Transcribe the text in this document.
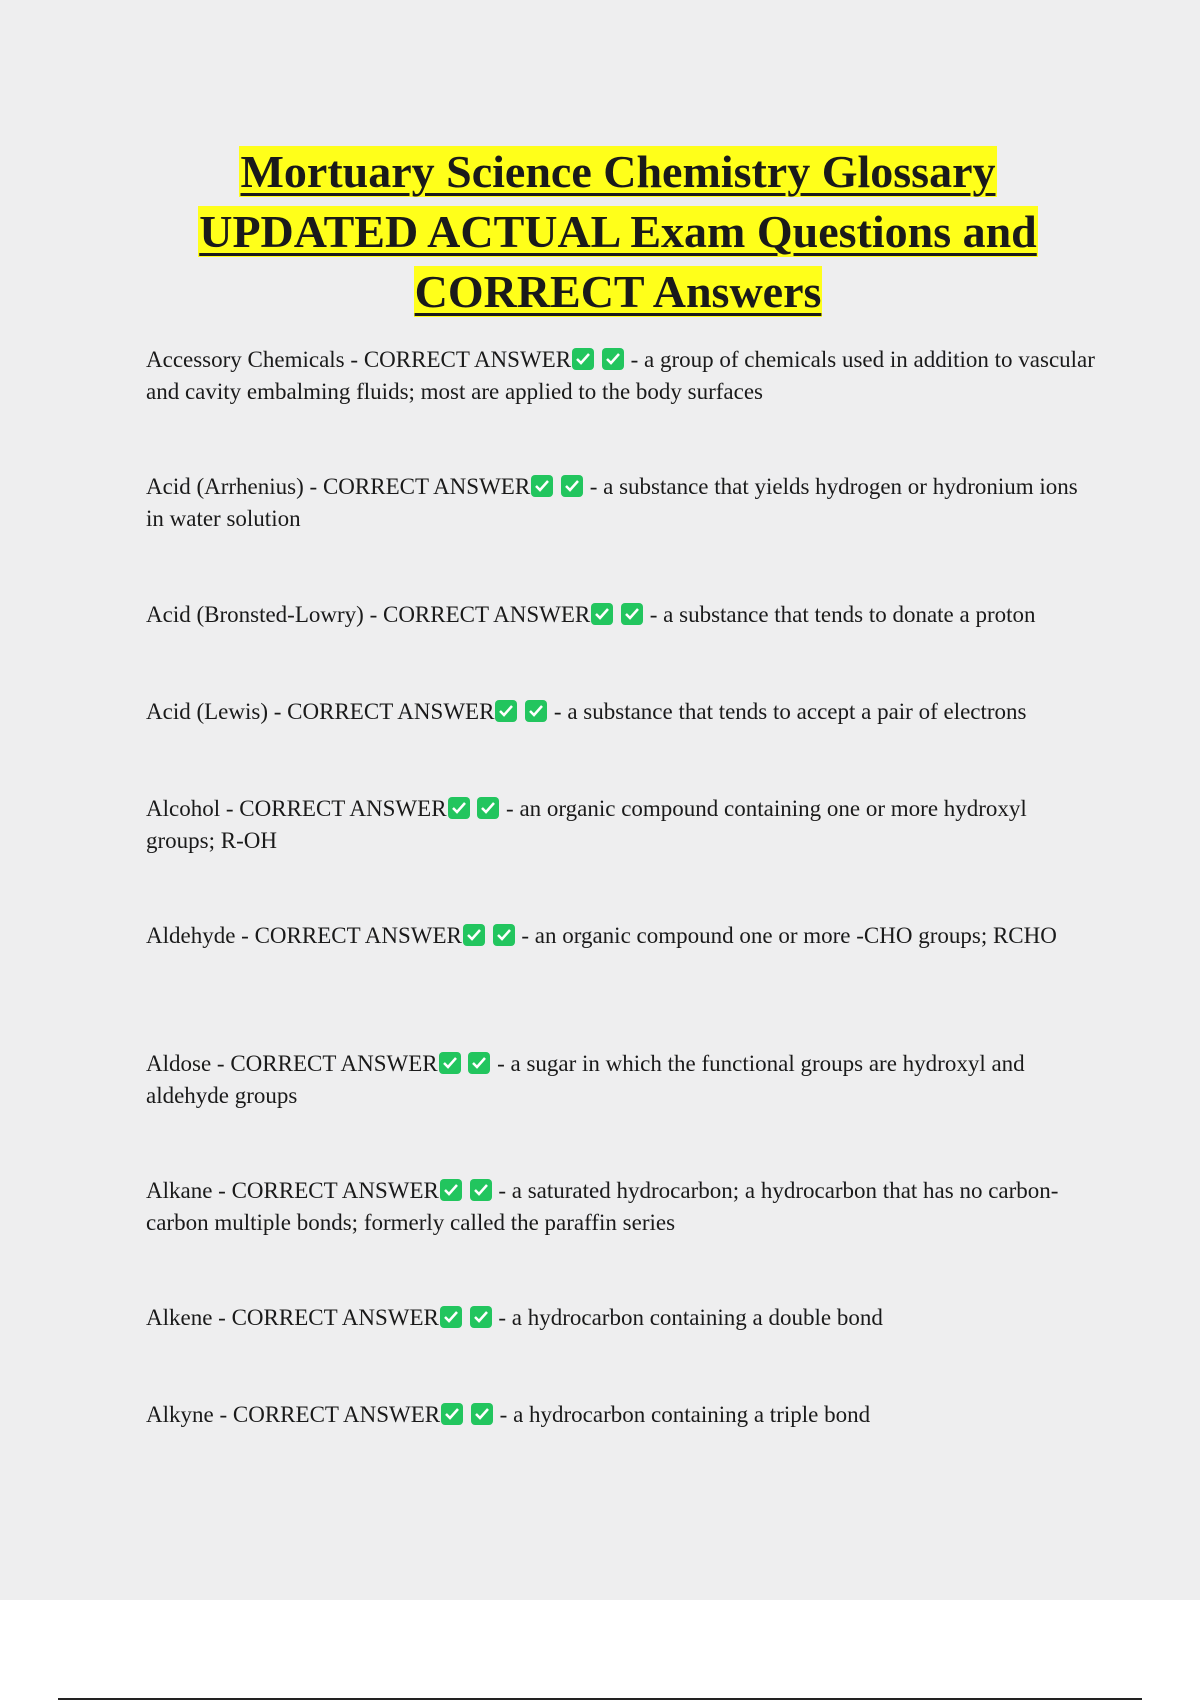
Mortuary Science Chemistry Glossary
UPDATED ACTUAL Exam Questions and
CORRECT Answers

Accessory Chemicals - CORRECT ANSWER

- a group of chemicals used in addition to vascular and cavity embalming fluids; most are applied to the body surfaces

Acid (Arrhenius) - CORRECT ANSWER

- a substance that yields hydrogen or hydronium ions in water solution

Acid (Bronsted-Lowry) - CORRECT ANSWER

- a substance that tends to donate a proton

Acid (Lewis) - CORRECT ANSWER

- a substance that tends to accept a pair of electrons

Alcohol - CORRECT ANSWER

- an organic compound containing one or more hydroxyl groups; R-OH

Aldehyde - CORRECT ANSWER

- an organic compound one or more -CHO groups; RCHO

Aldose - CORRECT ANSWER

- a sugar in which the functional groups are hydroxyl and aldehyde groups

Alkane - CORRECT ANSWER

- a saturated hydrocarbon; a hydrocarbon that has no carbon-carbon multiple bonds; formerly called the paraffin series

Alkene - CORRECT ANSWER

- a hydrocarbon containing a double bond

Alkyne - CORRECT ANSWER

- a hydrocarbon containing a triple bond
